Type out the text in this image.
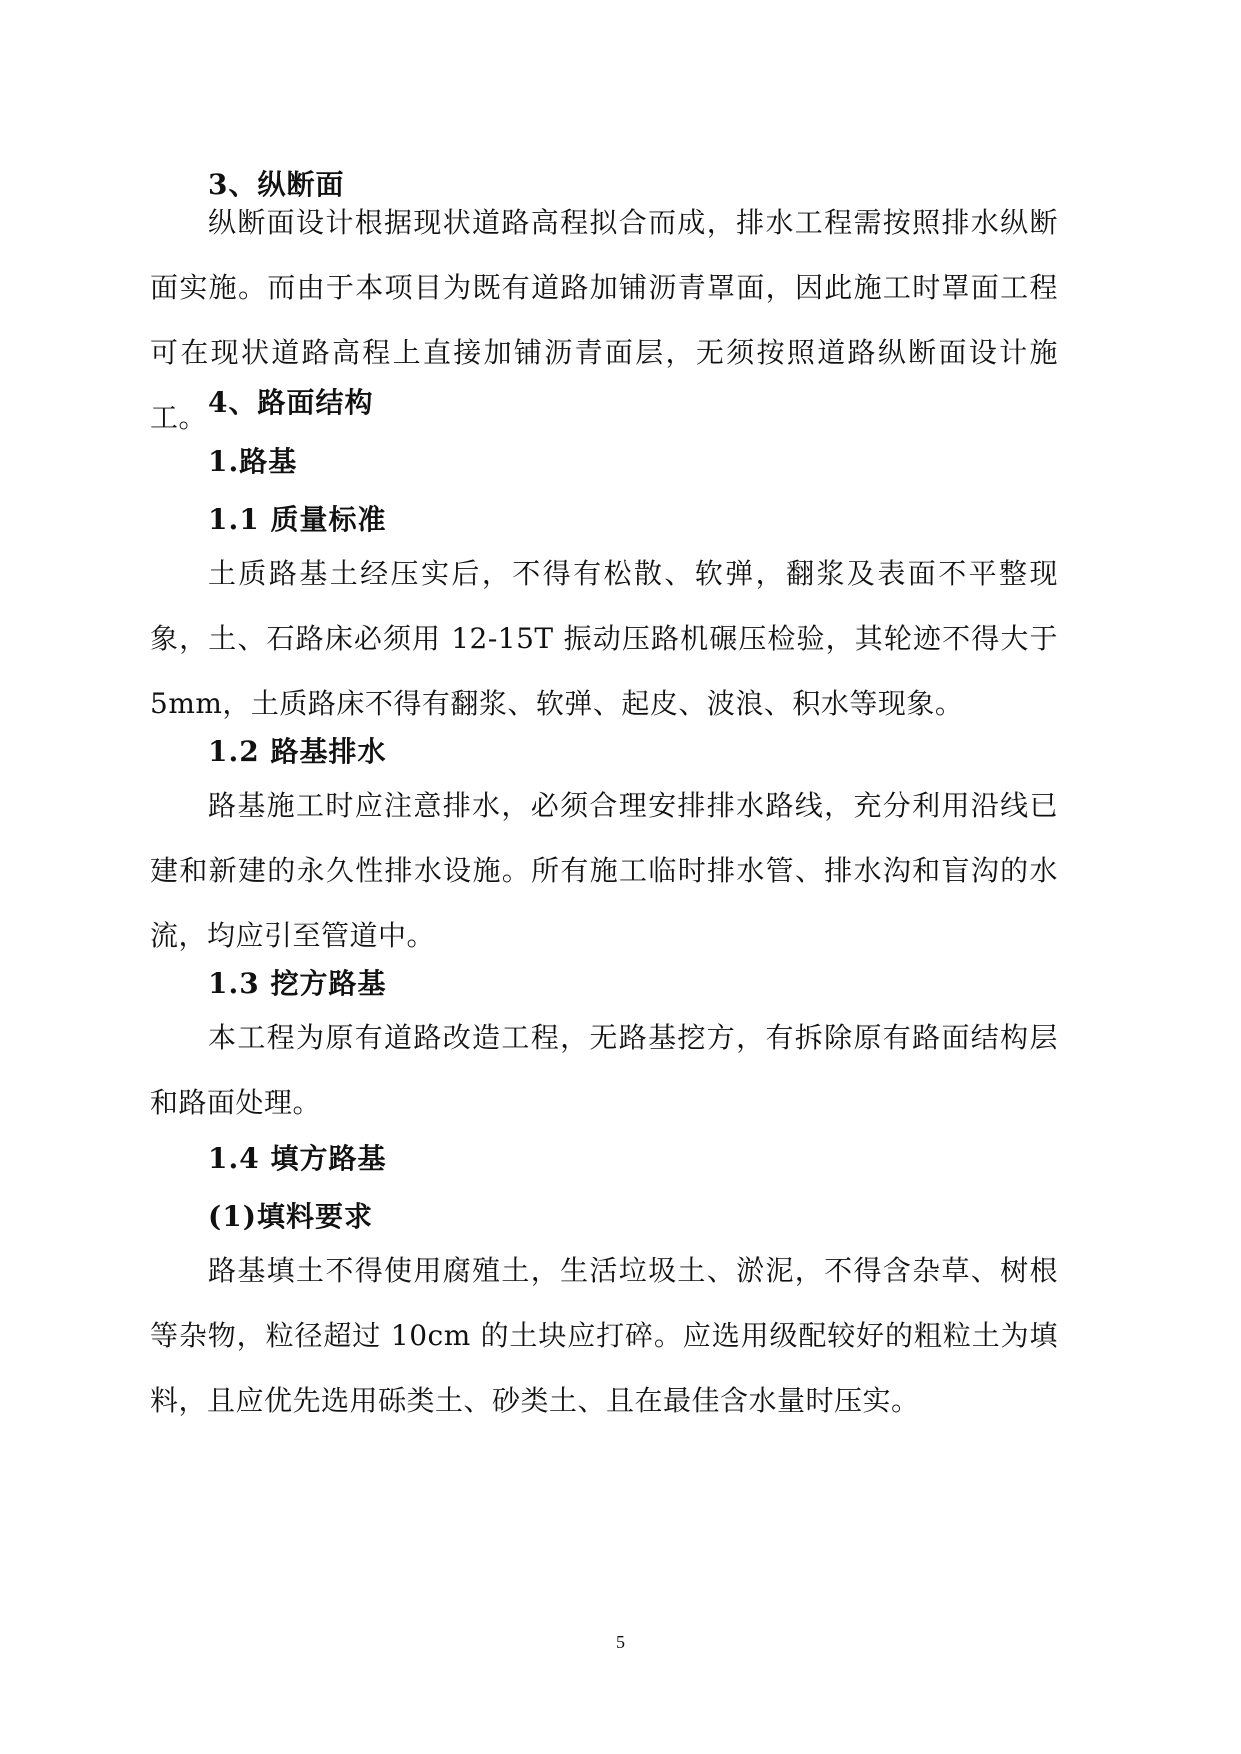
3、纵断面

纵断面设计根据现状道路高程拟合而成，排水工程需按照排水纵断面实施。而由于本项目为既有道路加铺沥青罩面，因此施工时罩面工程可在现状道路高程上直接加铺沥青面层，无须按照道路纵断面设计施工。 4、路面结构
1.路基
1.1 质量标准

土质路基土经压实后，不得有松散、软弹，翻浆及表面不平整现象，土、石路床必须用 12-15T 振动压路机碾压检验，其轮迹不得大于 5mm，土质路床不得有翻浆、软弹、起皮、波浪、积水等现象。

1.2 路基排水

路基施工时应注意排水，必须合理安排排水路线，充分利用沿线已建和新建的永久性排水设施。所有施工临时排水管、排水沟和盲沟的水流，均应引至管道中。

1.3 挖方路基

本工程为原有道路改造工程，无路基挖方，有拆除原有路面结构层和路面处理。

1.4 填方路基
(1)填料要求

路基填土不得使用腐殖土，生活垃圾土、淤泥，不得含杂草、树根等杂物，粒径超过 10cm 的土块应打碎。应选用级配较好的粗粒土为填料，且应优先选用砾类土、砂类土、且在最佳含水量时压实。

5
